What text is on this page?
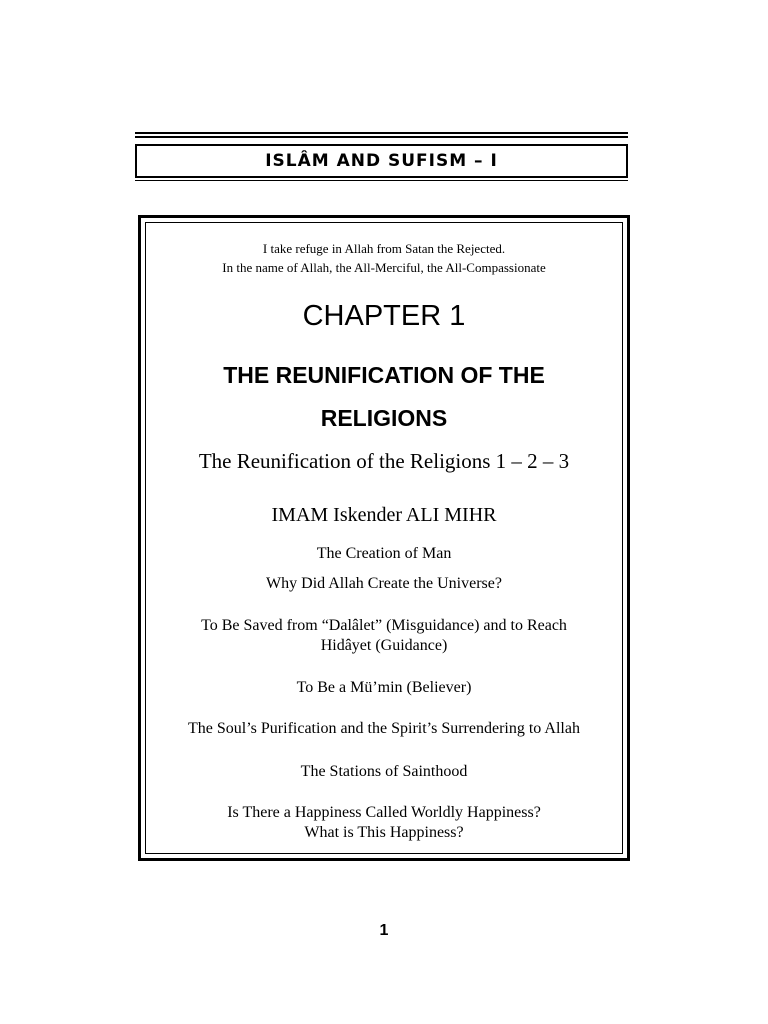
ISLÂM AND SUFISM – I
I take refuge in Allah from Satan the Rejected.
In the name of Allah, the All-Merciful, the All-Compassionate
CHAPTER 1
THE REUNIFICATION OF THE
RELIGIONS
The Reunification of the Religions 1 – 2 – 3
IMAM Iskender ALI MIHR
The Creation of Man
Why Did Allah Create the Universe?
To Be Saved from “Dalâlet” (Misguidance) and to Reach
Hidâyet (Guidance)
To Be a Mü’min (Believer)
The Soul’s Purification and the Spirit’s Surrendering to Allah
The Stations of Sainthood
Is There a Happiness Called Worldly Happiness?
What is This Happiness?
1
